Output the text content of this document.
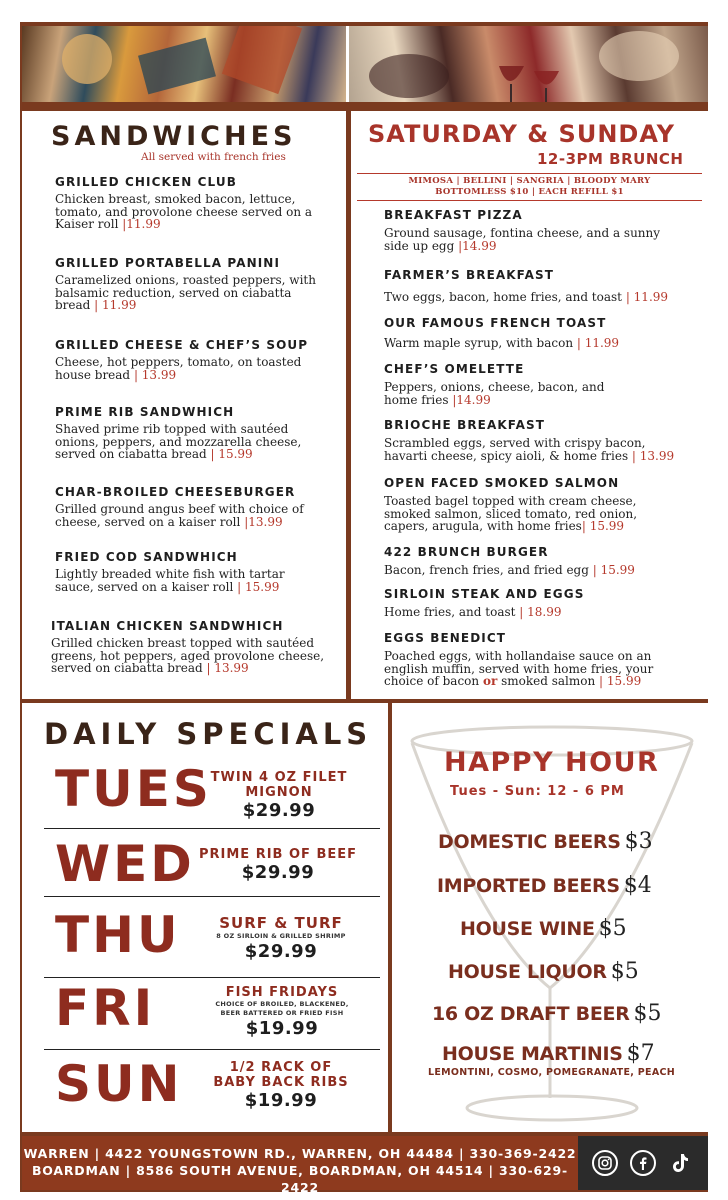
SANDWICHES
All served with french fries
GRILLED CHICKEN CLUB
Chicken breast, smoked bacon, lettuce, tomato, and provolone cheese served on a Kaiser roll |11.99
GRILLED PORTABELLA PANINI
Caramelized onions, roasted peppers, with balsamic reduction, served on ciabatta bread | 11.99
GRILLED CHEESE & CHEF’S SOUP
Cheese, hot peppers, tomato, on toasted house bread | 13.99
PRIME RIB SANDWHICH
Shaved prime rib topped with sautéed onions, peppers, and mozzarella cheese, served on ciabatta bread | 15.99
CHAR-BROILED CHEESEBURGER
Grilled ground angus beef with choice of cheese, served on a kaiser roll |13.99
FRIED COD SANDWHICH
Lightly breaded white fish with tartar sauce, served on a kaiser roll | 15.99
ITALIAN CHICKEN SANDWHICH
Grilled chicken breast topped with sautéed greens, hot peppers, aged provolone cheese, served on ciabatta bread | 13.99
SATURDAY & SUNDAY
12-3PM BRUNCH
MIMOSA | BELLINI | SANGRIA | BLOODY MARY
BOTTOMLESS $10 | EACH REFILL $1
BREAKFAST PIZZA
Ground sausage, fontina cheese, and a sunny side up egg |14.99
FARMER’S BREAKFAST
Two eggs, bacon, home fries, and toast | 11.99
OUR FAMOUS FRENCH TOAST
Warm maple syrup, with bacon | 11.99
CHEF’S OMELETTE
Peppers, onions, cheese, bacon, and home fries |14.99
BRIOCHE BREAKFAST
Scrambled eggs, served with crispy bacon, havarti cheese, spicy aioli, & home fries | 13.99
OPEN FACED SMOKED SALMON
Toasted bagel topped with cream cheese, smoked salmon, sliced tomato, red onion, capers, arugula, with home fries| 15.99
422 BRUNCH BURGER
Bacon, french fries, and fried egg | 15.99
SIRLOIN STEAK AND EGGS
Home fries, and toast | 18.99
EGGS BENEDICT
Poached eggs, with hollandaise sauce on an english muffin, served with home fries, your choice of bacon or smoked salmon | 15.99
DAILY SPECIALS
TUES
TWIN 4 OZ FILET MIGNON
$29.99
WED PRIME RIB OF BEEF
$29.99
THU	SURF & TURF
8 OZ SIRLOIN & GRILLED SHRIMP
$29.99
FRI	FISH FRIDAYS
CHOICE OF BROILED, BLACKENED, BEER BATTERED OR FRIED FISH
$19.99
SUN	1/2 RACK OF BABY BACK RIBS
$19.99
HAPPY HOUR
Tues - Sun: 12 - 6 PM
DOMESTIC BEERS $3
IMPORTED BEERS $4
HOUSE WINE $5
HOUSE LIQUOR $5
16 OZ DRAFT BEER $5
HOUSE MARTINIS $7
LEMONTINI, COSMO, POMEGRANATE, PEACH
WARREN | 4422 YOUNGSTOWN RD., WARREN, OH 44484 | 330-369-2422
BOARDMAN | 8586 SOUTH AVENUE, BOARDMAN, OH 44514 | 330-629-2422
